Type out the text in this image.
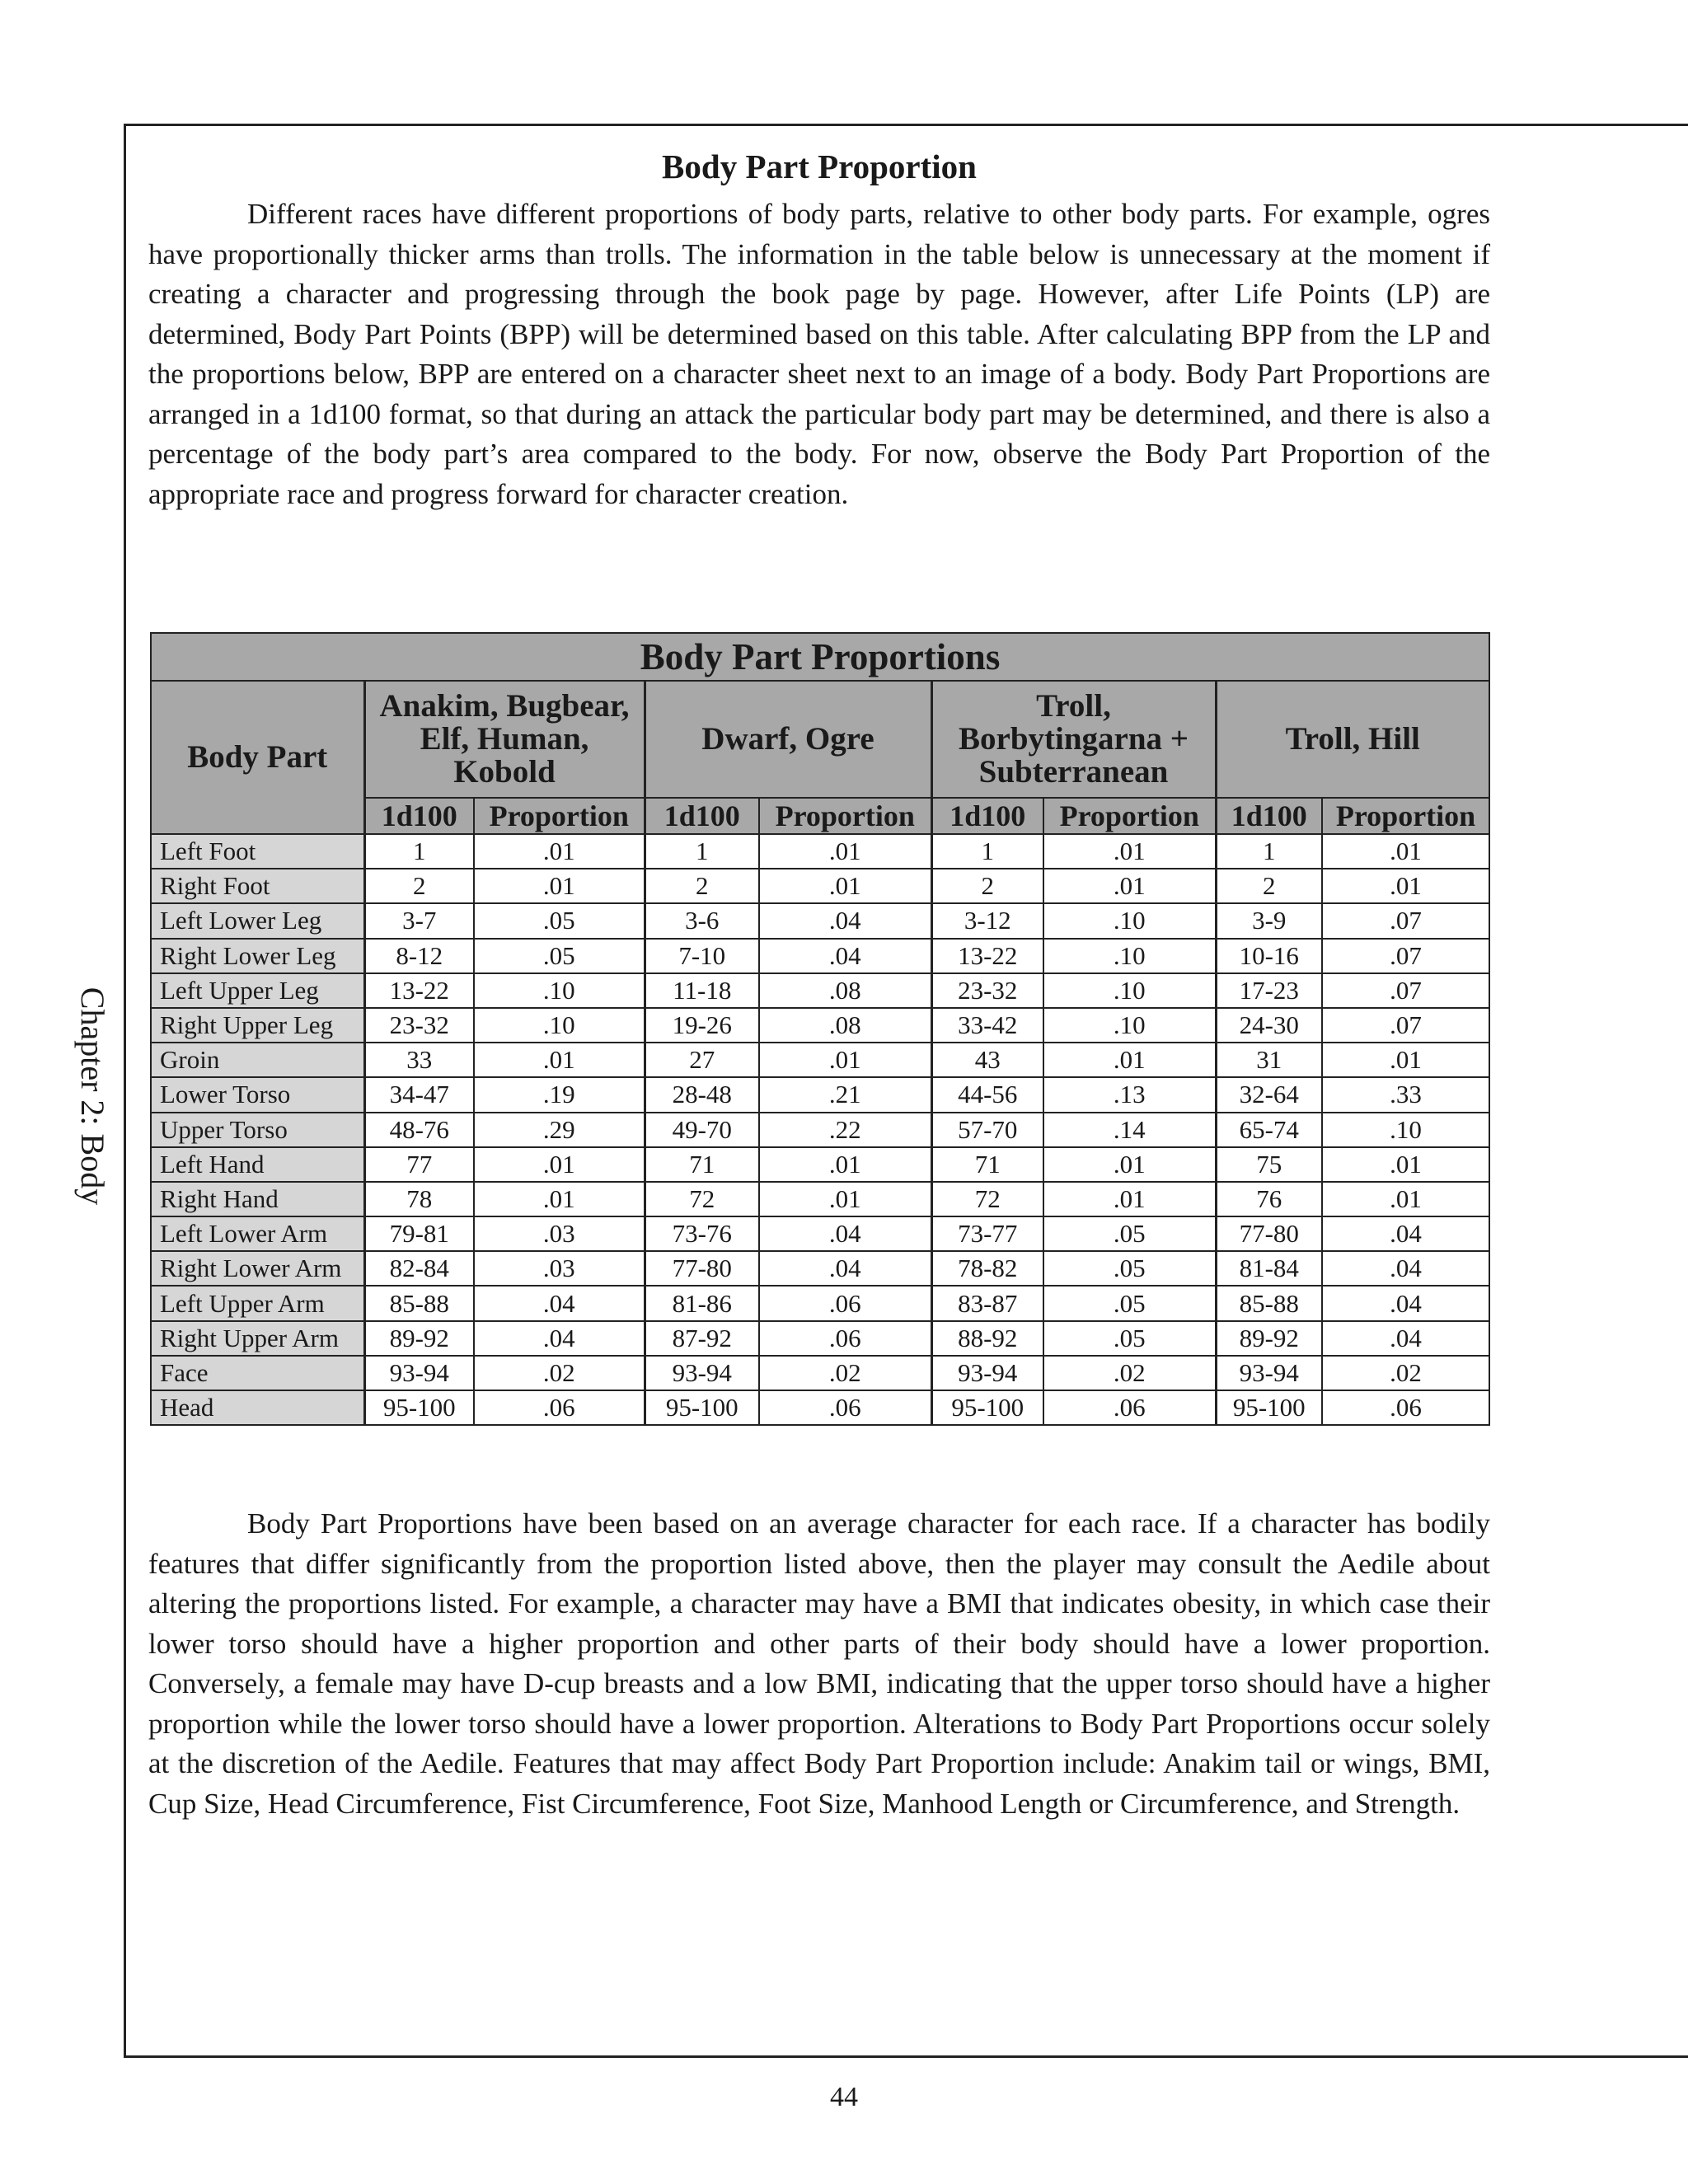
Chapter 2: Body
Body Part Proportion

Different races have different proportions of body parts, relative to other body parts. For example, ogres have proportionally thicker arms than trolls. The information in the table below is unnecessary at the moment if creating a character and progressing through the book page by page. However, after Life Points (LP) are determined, Body Part Points (BPP) will be determined based on this table. After calculating BPP from the LP and the proportions below, BPP are entered on a character sheet next to an image of a body. Body Part Proportions are arranged in a 1d100 format, so that during an attack the particular body part may be determined, and there is also a percentage of the body part’s area compared to the body. For now, observe the Body Part Proportion of the appropriate race and progress forward for character creation.

Body Part Proportions								
Body Part	Anakim, Bugbear, Elf, Human, Kobold		Dwarf, Ogre		Troll, Borbytingarna + Subterranean		Troll, Hill	
	1d100	Proportion	1d100	Proportion	1d100	Proportion	1d100	Proportion
Left Foot	1	.01	1	.01	1	.01	1	.01
Right Foot	2	.01	2	.01	2	.01	2	.01
Left Lower Leg	3-7	.05	3-6	.04	3-12	.10	3-9	.07
Right Lower Leg	8-12	.05	7-10	.04	13-22	.10	10-16	.07
Left Upper Leg	13-22	.10	11-18	.08	23-32	.10	17-23	.07
Right Upper Leg	23-32	.10	19-26	.08	33-42	.10	24-30	.07
Groin	33	.01	27	.01	43	.01	31	.01
Lower Torso	34-47	.19	28-48	.21	44-56	.13	32-64	.33
Upper Torso	48-76	.29	49-70	.22	57-70	.14	65-74	.10
Left Hand	77	.01	71	.01	71	.01	75	.01
Right Hand	78	.01	72	.01	72	.01	76	.01
Left Lower Arm	79-81	.03	73-76	.04	73-77	.05	77-80	.04
Right Lower Arm	82-84	.03	77-80	.04	78-82	.05	81-84	.04
Left Upper Arm	85-88	.04	81-86	.06	83-87	.05	85-88	.04
Right Upper Arm	89-92	.04	87-92	.06	88-92	.05	89-92	.04
Face	93-94	.02	93-94	.02	93-94	.02	93-94	.02
Head	95-100	.06	95-100	.06	95-100	.06	95-100	.06

Body Part Proportions have been based on an average character for each race. If a character has bodily features that differ significantly from the proportion listed above, then the player may consult the Aedile about altering the proportions listed. For example, a character may have a BMI that indicates obesity, in which case their lower torso should have a higher proportion and other parts of their body should have a lower proportion. Conversely, a female may have D-cup breasts and a low BMI, indicating that the upper torso should have a higher proportion while the lower torso should have a lower proportion. Alterations to Body Part Proportions occur solely at the discretion of the Aedile. Features that may affect Body Part Proportion include: Anakim tail or wings, BMI, Cup Size, Head Circumference, Fist Circumference, Foot Size, Manhood Length or Circumference, and Strength.

44
